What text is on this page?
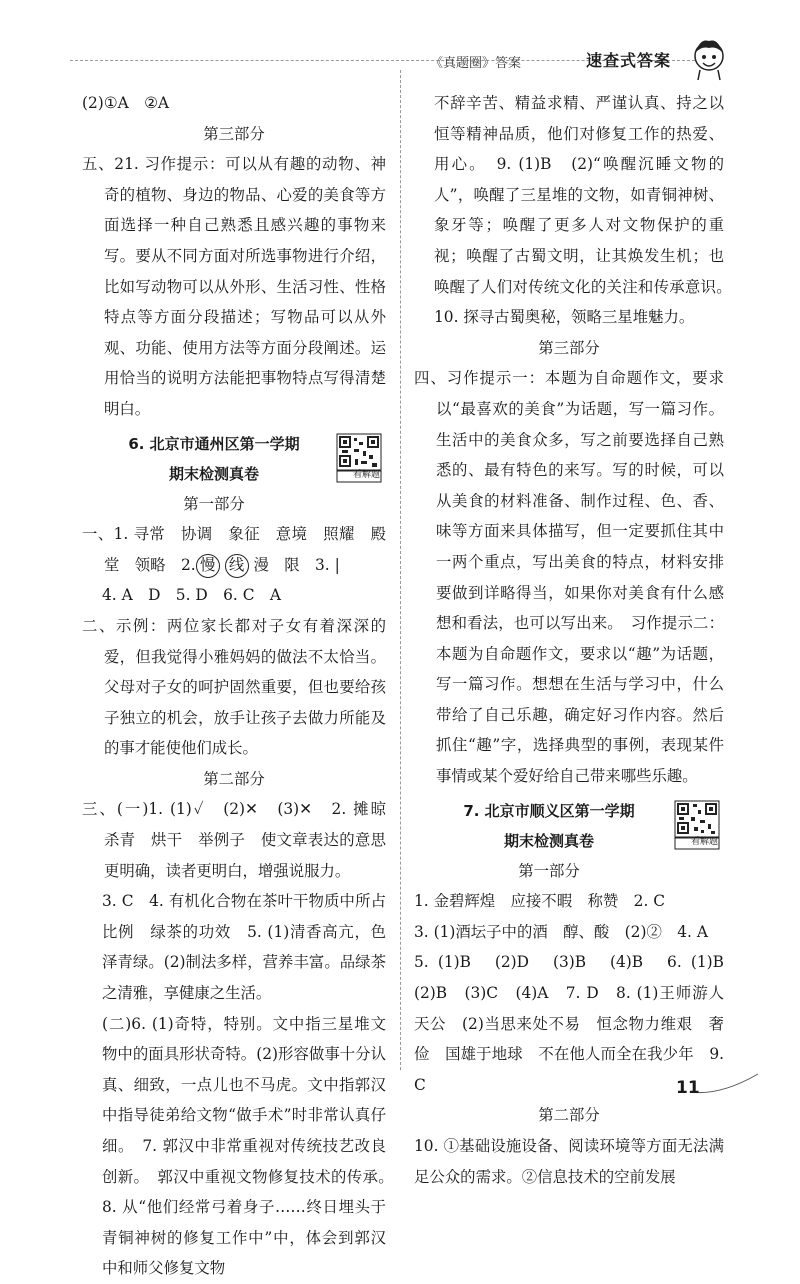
《真题圈》答案	速查式答案

(2)①A　②A

第三部分

五、21. 习作提示：可以从有趣的动物、神奇的植物、身边的物品、心爱的美食等方面选择一种自己熟悉且感兴趣的事物来写。要从不同方面对所选事物进行介绍，比如写动物可以从外形、生活习性、性格特点等方面分段描述；写物品可以从外观、功能、使用方法等方面分段阐述。运用恰当的说明方法能把事物特点写得清楚明白。

6. 北京市通州区第一学期
期末检测真卷	看解题

第一部分

一、1. 寻常　协调　象征　意境　照耀　殿堂　领略　2. 慢 线 漫　限　3. |

4. A　D　5. D　6. C　A

二、示例：两位家长都对子女有着深深的爱，但我觉得小雅妈妈的做法不太恰当。父母对子女的呵护固然重要，但也要给孩子独立的机会，放手让孩子去做力所能及的事才能使他们成长。

第二部分

三、(一)1. (1)✓　(2)✕　(3)✕　2. 摊晾　杀青　烘干　举例子　使文章表达的意思更明确，读者更明白，增强说服力。

3. C　4. 有机化合物在茶叶干物质中所占比例　绿茶的功效　5. (1)清香高亢，色泽青绿。(2)制法多样，营养丰富。品绿茶之清雅，享健康之生活。

(二)6. (1)奇特，特别。文中指三星堆文物中的面具形状奇特。(2)形容做事十分认真、细致，一点儿也不马虎。文中指郭汉中指导徒弟给文物“做手术”时非常认真仔细。　7. 郭汉中非常重视对传统技艺改良创新。　郭汉中重视文物修复技术的传承。　8. 从“他们经常弓着身子……终日埋头于青铜神树的修复工作中”中，体会到郭汉中和师父修复文物

不辞辛苦、精益求精、严谨认真、持之以恒等精神品质，他们对修复工作的热爱、用心。　9. (1)B　(2)“唤醒沉睡文物的人”，唤醒了三星堆的文物，如青铜神树、象牙等；唤醒了更多人对文物保护的重视；唤醒了古蜀文明，让其焕发生机；也唤醒了人们对传统文化的关注和传承意识。　10. 探寻古蜀奥秘，领略三星堆魅力。

第三部分

四、习作提示一：本题为自命题作文，要求以“最喜欢的美食”为话题，写一篇习作。生活中的美食众多，写之前要选择自己熟悉的、最有特色的来写。写的时候，可以从美食的材料准备、制作过程、色、香、味等方面来具体描写，但一定要抓住其中一两个重点，写出美食的特点，材料安排要做到详略得当，如果你对美食有什么感想和看法，也可以写出来。　习作提示二：本题为自命题作文，要求以“趣”为话题，写一篇习作。想想在生活与学习中，什么带给了自己乐趣，确定好习作内容。然后抓住“趣”字，选择典型的事例，表现某件事情或某个爱好给自己带来哪些乐趣。

7. 北京市顺义区第一学期
期末检测真卷	看解题

第一部分

1. 金碧辉煌　应接不暇　称赞　2. C

3. (1)酒坛子中的酒　醇、酸　(2)②　4. A

5. (1)B　(2)D　(3)B　(4)B　6. (1)B　(2)B　(3)C　(4)A　7. D　8. (1)王师游人　天公　(2)当思来处不易　恒念物力维艰　奢　俭　国雄于地球　不在他人而全在我少年　9. C

第二部分

10. ①基础设施设备、阅读环境等方面无法满足公众的需求。②信息技术的空前发展

11
